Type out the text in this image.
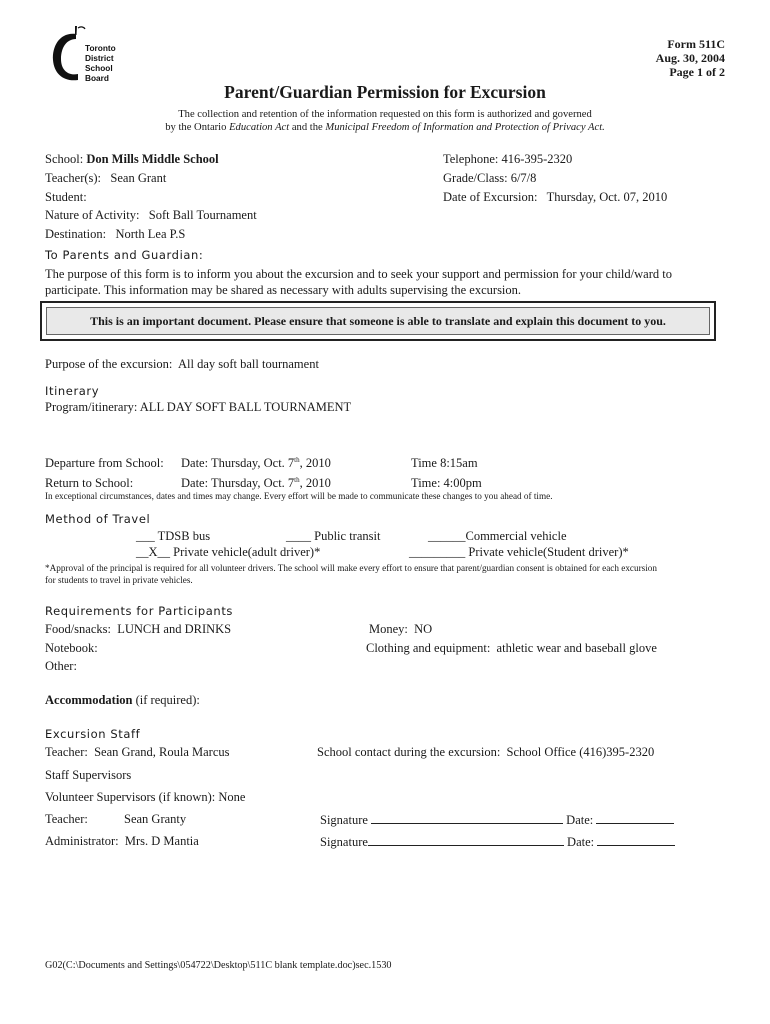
Toronto
District
School
Board
Form 511C
Aug. 30, 2004
Page 1 of 2
Parent/Guardian Permission for Excursion
The collection and retention of the information requested on this form is authorized and governed
by the Ontario Education Act and the Municipal Freedom of Information and Protection of Privacy Act.
School: Don Mills Middle School
Teacher(s): Sean Grant
Student:
Nature of Activity: Soft Ball Tournament
Destination: North Lea P.S
Telephone: 416-395-2320
Grade/Class: 6/7/8
Date of Excursion: Thursday, Oct. 07, 2010
To Parents and Guardian:
The purpose of this form is to inform you about the excursion and to seek your support and permission for your child/ward to
participate. This information may be shared as necessary with adults supervising the excursion.
This is an important document. Please ensure that someone is able to translate and explain this document to you.
Purpose of the excursion: All day soft ball tournament
Itinerary
Program/itinerary: ALL DAY SOFT BALL TOURNAMENT
Departure from School: Date: Thursday, Oct. 7th, 2010	Time 8:15am
Return to School:	Date: Thursday, Oct. 7th, 2010	Time: 4:00pm
In exceptional circumstances, dates and times may change. Every effort will be made to communicate these changes to you ahead of time.
Method of Travel
___ TDSB bus	____ Public transit	______Commercial vehicle
__X__ Private vehicle(adult driver)*	_________ Private vehicle(Student driver)*
*Approval of the principal is required for all volunteer drivers. The school will make every effort to ensure that parent/guardian consent is obtained for each excursion
for students to travel in private vehicles.
Requirements for Participants
Food/snacks: LUNCH and DRINKS	Money: NO
Notebook:	Clothing and equipment: athletic wear and baseball glove
Other:
Accommodation (if required):
Excursion Staff
Teacher: Sean Grand, Roula Marcus	School contact during the excursion: School Office (416)395-2320
Staff Supervisors
Volunteer Supervisors (if known): None
Teacher:	Sean Granty	Signature	Date:
Administrator: Mrs. D Mantia	Signature	Date:
G02(C:\Documents and Settings\054722\Desktop\511C blank template.doc)sec.1530
